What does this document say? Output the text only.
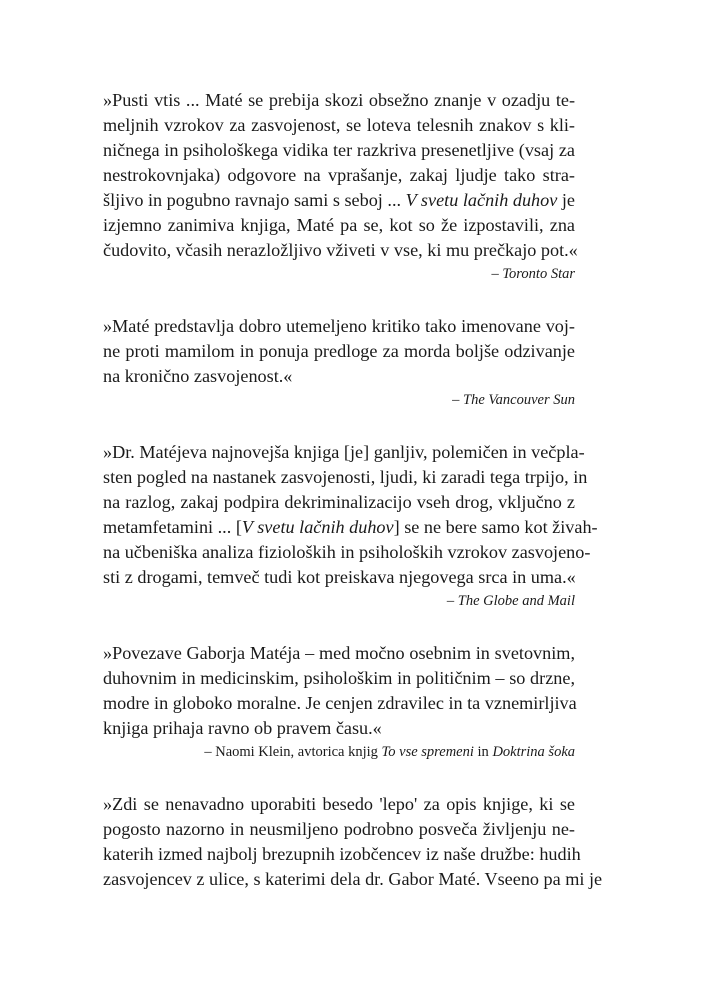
»Pusti vtis ... Maté se prebija skozi obsežno znanje v ozadju te-
meljnih vzrokov za zasvojenost, se loteva telesnih znakov s kli-
ničnega in psihološkega vidika ter razkriva presenetljive (vsaj za
nestrokovnjaka) odgovore na vprašanje, zakaj ljudje tako stra-
šljivo in pogubno ravnajo sami s seboj ... V svetu lačnih duhov je
izjemno zanimiva knjiga, Maté pa se, kot so že izpostavili, zna
čudovito, včasih nerazložljivo vživeti v vse, ki mu prečkajo pot.«

– Toronto Star

»Maté predstavlja dobro utemeljeno kritiko tako imenovane voj-
ne proti mamilom in ponuja predloge za morda boljše odzivanje
na kronično zasvojenost.«

– The Vancouver Sun

»Dr. Matéjeva najnovejša knjiga [je] ganljiv, polemičen in večpla-
sten pogled na nastanek zasvojenosti, ljudi, ki zaradi tega trpijo, in
na razlog, zakaj podpira dekriminalizacijo vseh drog, vključno z
metamfetamini ... [V svetu lačnih duhov] se ne bere samo kot živah-
na učbeniška analiza fizioloških in psiholoških vzrokov zasvojeno-
sti z drogami, temveč tudi kot preiskava njegovega srca in uma.«

– The Globe and Mail

»Povezave Gaborja Matéja – med močno osebnim in svetovnim,
duhovnim in medicinskim, psihološkim in političnim – so drzne,
modre in globoko moralne. Je cenjen zdravilec in ta vznemirljiva
knjiga prihaja ravno ob pravem času.«

– Naomi Klein, avtorica knjig To vse spremeni in Doktrina šoka

»Zdi se nenavadno uporabiti besedo 'lepo' za opis knjige, ki se
pogosto nazorno in neusmiljeno podrobno posveča življenju ne-
katerih izmed najbolj brezupnih izobčencev iz naše družbe: hudih
zasvojencev z ulice, s katerimi dela dr. Gabor Maté. Vseeno pa mi je
